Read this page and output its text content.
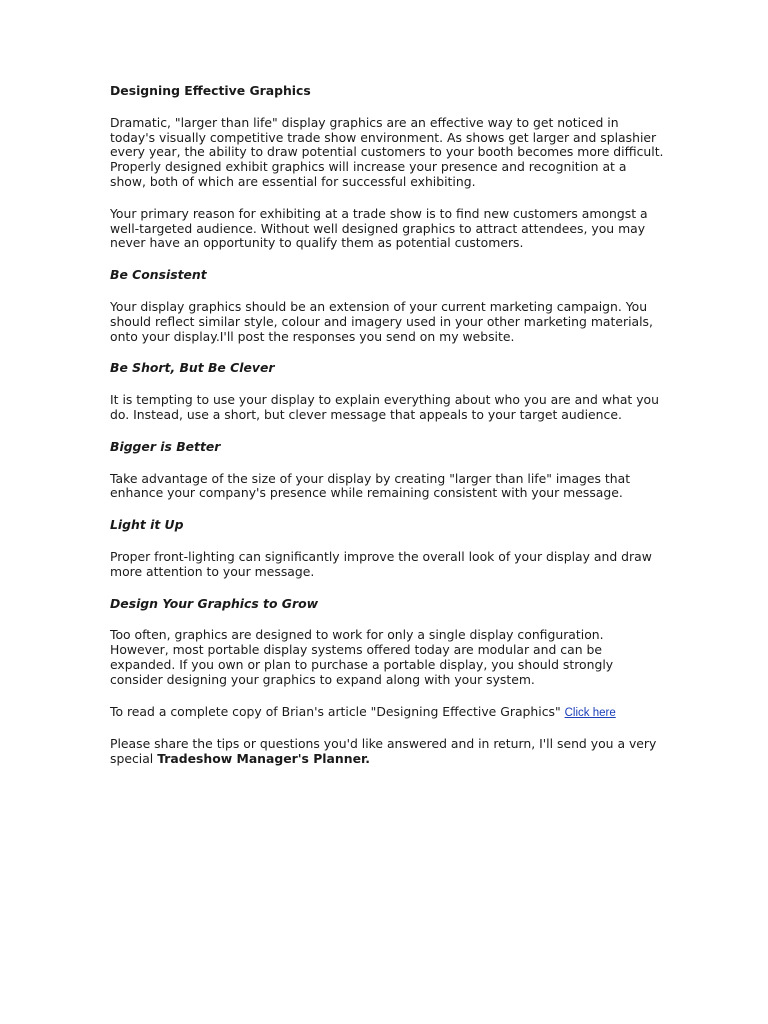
Designing Effective Graphics

Dramatic, "larger than life" display graphics are an effective way to get noticed in today's visually competitive trade show environment. As shows get larger and splashier every year, the ability to draw potential customers to your booth becomes more difficult. Properly designed exhibit graphics will increase your presence and recognition at a show, both of which are essential for successful exhibiting.

Your primary reason for exhibiting at a trade show is to find new customers amongst a well-targeted audience. Without well designed graphics to attract attendees, you may never have an opportunity to qualify them as potential customers.

Be Consistent

Your display graphics should be an extension of your current marketing campaign. You should reflect similar style, colour and imagery used in your other marketing materials, onto your display.I'll post the responses you send on my website.

Be Short, But Be Clever

It is tempting to use your display to explain everything about who you are and what you do. Instead, use a short, but clever message that appeals to your target audience.

Bigger is Better

Take advantage of the size of your display by creating "larger than life" images that enhance your company's presence while remaining consistent with your message.

Light it Up

Proper front-lighting can significantly improve the overall look of your display and draw more attention to your message.

Design Your Graphics to Grow

Too often, graphics are designed to work for only a single display configuration. However, most portable display systems offered today are modular and can be expanded. If you own or plan to purchase a portable display, you should strongly consider designing your graphics to expand along with your system.

To read a complete copy of Brian's article "Designing Effective Graphics" Click here

Please share the tips or questions you'd like answered and in return, I'll send you a very special Tradeshow Manager's Planner.
